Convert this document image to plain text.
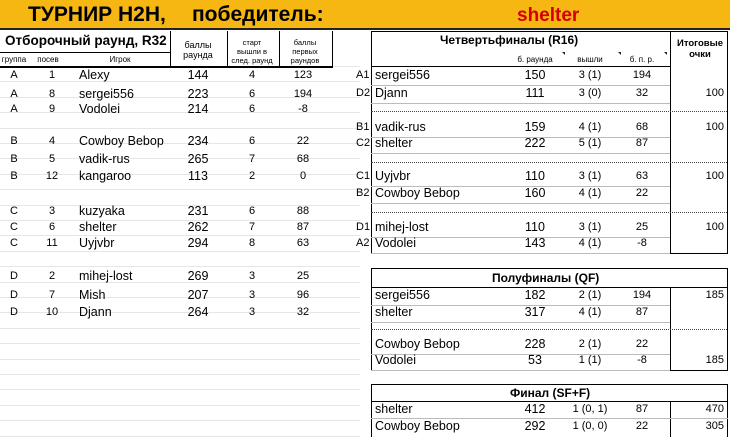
ТУРНИР Н2Н, победитель:	shelter
Отборочный раунд, R32
группа	посев	Игрок
баллы раунда
старт вышли в след. раунд
баллы первых раундов
A	1	Alexy	144	4	123
A	8	sergei556	223	6	194
A	9	Vodolei	214	6	-8
B	4	Cowboy Bebop	234	6	22
B	5	vadik-rus	265	7	68
B	12	kangaroo	113	2	0
C	3	kuzyaka	231	6	88
C	6	shelter	262	7	87
C	11	Uyjvbr	294	8	63
D	2	mihej-lost	269	3	25
D	7	Mish	207	3	96
D	10	Djann	264	3	32
Четвертьфиналы (R16)	Итоговые очки
б. раунда	вышли	б. п. р.
A1 sergei556	150	3 (1)	194
D2 Djann	111	3 (0)	32	100
B1 vadik-rus	159	4 (1)	68	100
C2 shelter	222	5 (1)	87
C1 Uyjvbr	110	3 (1)	63	100
B2 Cowboy Bebop	160	4 (1)	22
D1 mihej-lost	110	3 (1)	25	100
A2 Vodolei	143	4 (1)	-8
Полуфиналы (QF)
sergei556	182	2 (1)	194	185
shelter	317	4 (1)	87
Cowboy Bebop	228	2 (1)	22
Vodolei	53	1 (1)	-8	185
Финал (SF+F)
shelter	412	1 (0, 1)	87	470
Cowboy Bebop	292	1 (0, 0)	22	305
